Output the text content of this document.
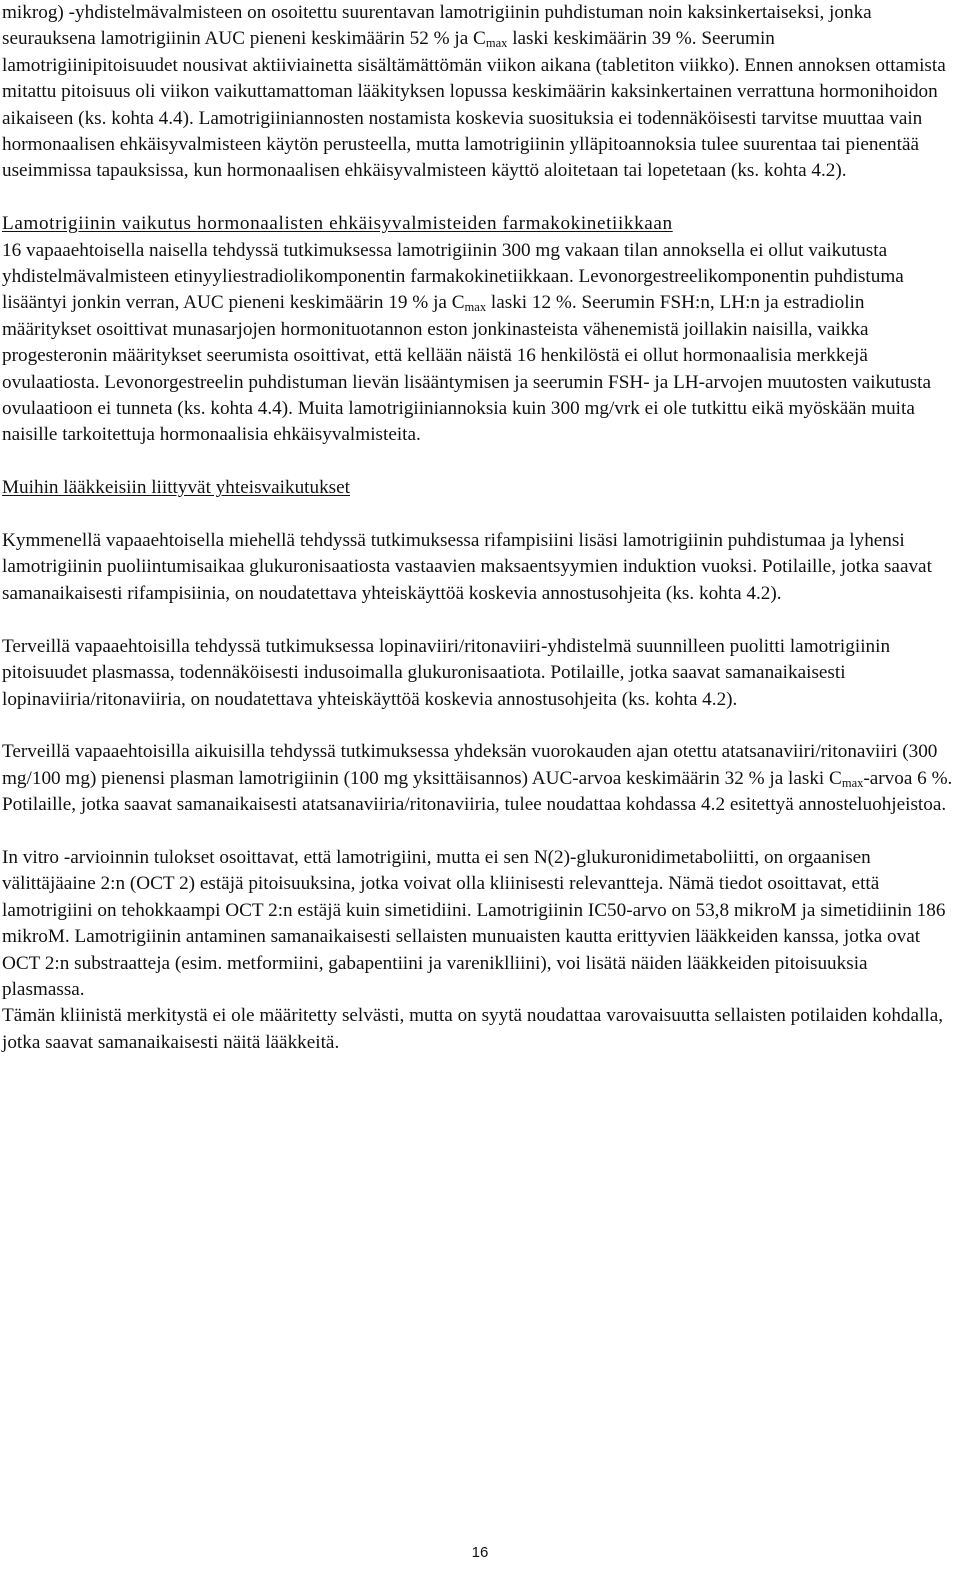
mikrog) -yhdistelmävalmisteen on osoitettu suurentavan lamotrigiinin puhdistuman noin kaksinkertaiseksi, jonka seurauksena lamotrigiinin AUC pieneni keskimäärin 52 % ja $C_{max}$ laski keskimäärin 39 %. Seerumin lamotrigiinipitoisuudet nousivat aktiiviainetta sisältämättömän viikon aikana (tabletiton viikko). Ennen annoksen ottamista mitattu pitoisuus oli viikon vaikuttamattoman lääkityksen lopussa keskimäärin kaksinkertainen verrattuna hormonihoidon aikaiseen (ks. kohta 4.4). Lamotrigiiniannosten nostamista koskevia suosituksia ei todennäköisesti tarvitse muuttaa vain hormonaalisen ehkäisyvalmisteen käytön perusteella, mutta lamotrigiinin ylläpitoannoksia tulee suurentaa tai pienentää useimmissa tapauksissa, kun hormonaalisen ehkäisyvalmisteen käyttö aloitetaan tai lopetetaan (ks. kohta 4.2).

Lamotrigiinin vaikutus hormonaalisten ehkäisyvalmisteiden farmakokinetiikkaan

16 vapaaehtoisella naisella tehdyssä tutkimuksessa lamotrigiinin 300 mg vakaan tilan annoksella ei ollut vaikutusta yhdistelmävalmisteen etinyyliestradiolikomponentin farmakokinetiikkaan. Levonorgestreelikomponentin puhdistuma lisääntyi jonkin verran, AUC pieneni keskimäärin 19 % ja $C_{max}$ laski 12 %. Seerumin FSH:n, LH:n ja estradiolin määritykset osoittivat munasarjojen hormonituotannon eston jonkinasteista vähenemistä joillakin naisilla, vaikka progesteronin määritykset seerumista osoittivat, että kellään näistä 16 henkilöstä ei ollut hormonaalisia merkkejä ovulaatiosta. Levonorgestreelin puhdistuman lievän lisääntymisen ja seerumin FSH- ja LH-arvojen muutosten vaikutusta ovulaatioon ei tunneta (ks. kohta 4.4). Muita lamotrigiiniannoksia kuin 300 mg/vrk ei ole tutkittu eikä myöskään muita naisille tarkoitettuja hormonaalisia ehkäisyvalmisteita.

Muihin lääkkeisiin liittyvät yhteisvaikutukset

Kymmenellä vapaaehtoisella miehellä tehdyssä tutkimuksessa rifampisiini lisäsi lamotrigiinin puhdistumaa ja lyhensi lamotrigiinin puoliintumisaikaa glukuronisaatiosta vastaavien maksaentsyymien induktion vuoksi. Potilaille, jotka saavat samanaikaisesti rifampisiinia, on noudatettava yhteiskäyttöä koskevia annostusohjeita (ks. kohta 4.2).

Terveillä vapaaehtoisilla tehdyssä tutkimuksessa lopinaviiri/ritonaviiri-yhdistelmä suunnilleen puolitti lamotrigiinin pitoisuudet plasmassa, todennäköisesti indusoimalla glukuronisaatiota. Potilaille, jotka saavat samanaikaisesti lopinaviiria/ritonaviiria, on noudatettava yhteiskäyttöä koskevia annostusohjeita (ks. kohta 4.2).

Terveillä vapaaehtoisilla aikuisilla tehdyssä tutkimuksessa yhdeksän vuorokauden ajan otettu atatsanaviiri/ritonaviiri (300 mg/100 mg) pienensi plasman lamotrigiinin (100 mg yksittäisannos) AUC-arvoa keskimäärin 32 % ja laski $C_{max}$-arvoa 6 %. Potilaille, jotka saavat samanaikaisesti atatsanaviiria/ritonaviiria, tulee noudattaa kohdassa 4.2 esitettyä annosteluohjeistoa.

In vitro -arvioinnin tulokset osoittavat, että lamotrigiini, mutta ei sen N(2)-glukuronidimetaboliitti, on orgaanisen välittäjäaine 2:n (OCT 2) estäjä pitoisuuksina, jotka voivat olla kliinisesti relevantteja. Nämä tiedot osoittavat, että lamotrigiini on tehokkaampi OCT 2:n estäjä kuin simetidiini. Lamotrigiinin IC50-arvo on 53,8 mikroM ja simetidiinin 186 mikroM. Lamotrigiinin antaminen samanaikaisesti sellaisten munuaisten kautta erittyvien lääkkeiden kanssa, jotka ovat OCT 2:n substraatteja (esim. metformiini, gabapentiini ja vareniklliini), voi lisätä näiden lääkkeiden pitoisuuksia plasmassa.

Tämän kliinistä merkitystä ei ole määritetty selvästi, mutta on syytä noudattaa varovaisuutta sellaisten potilaiden kohdalla, jotka saavat samanaikaisesti näitä lääkkeitä.

16
